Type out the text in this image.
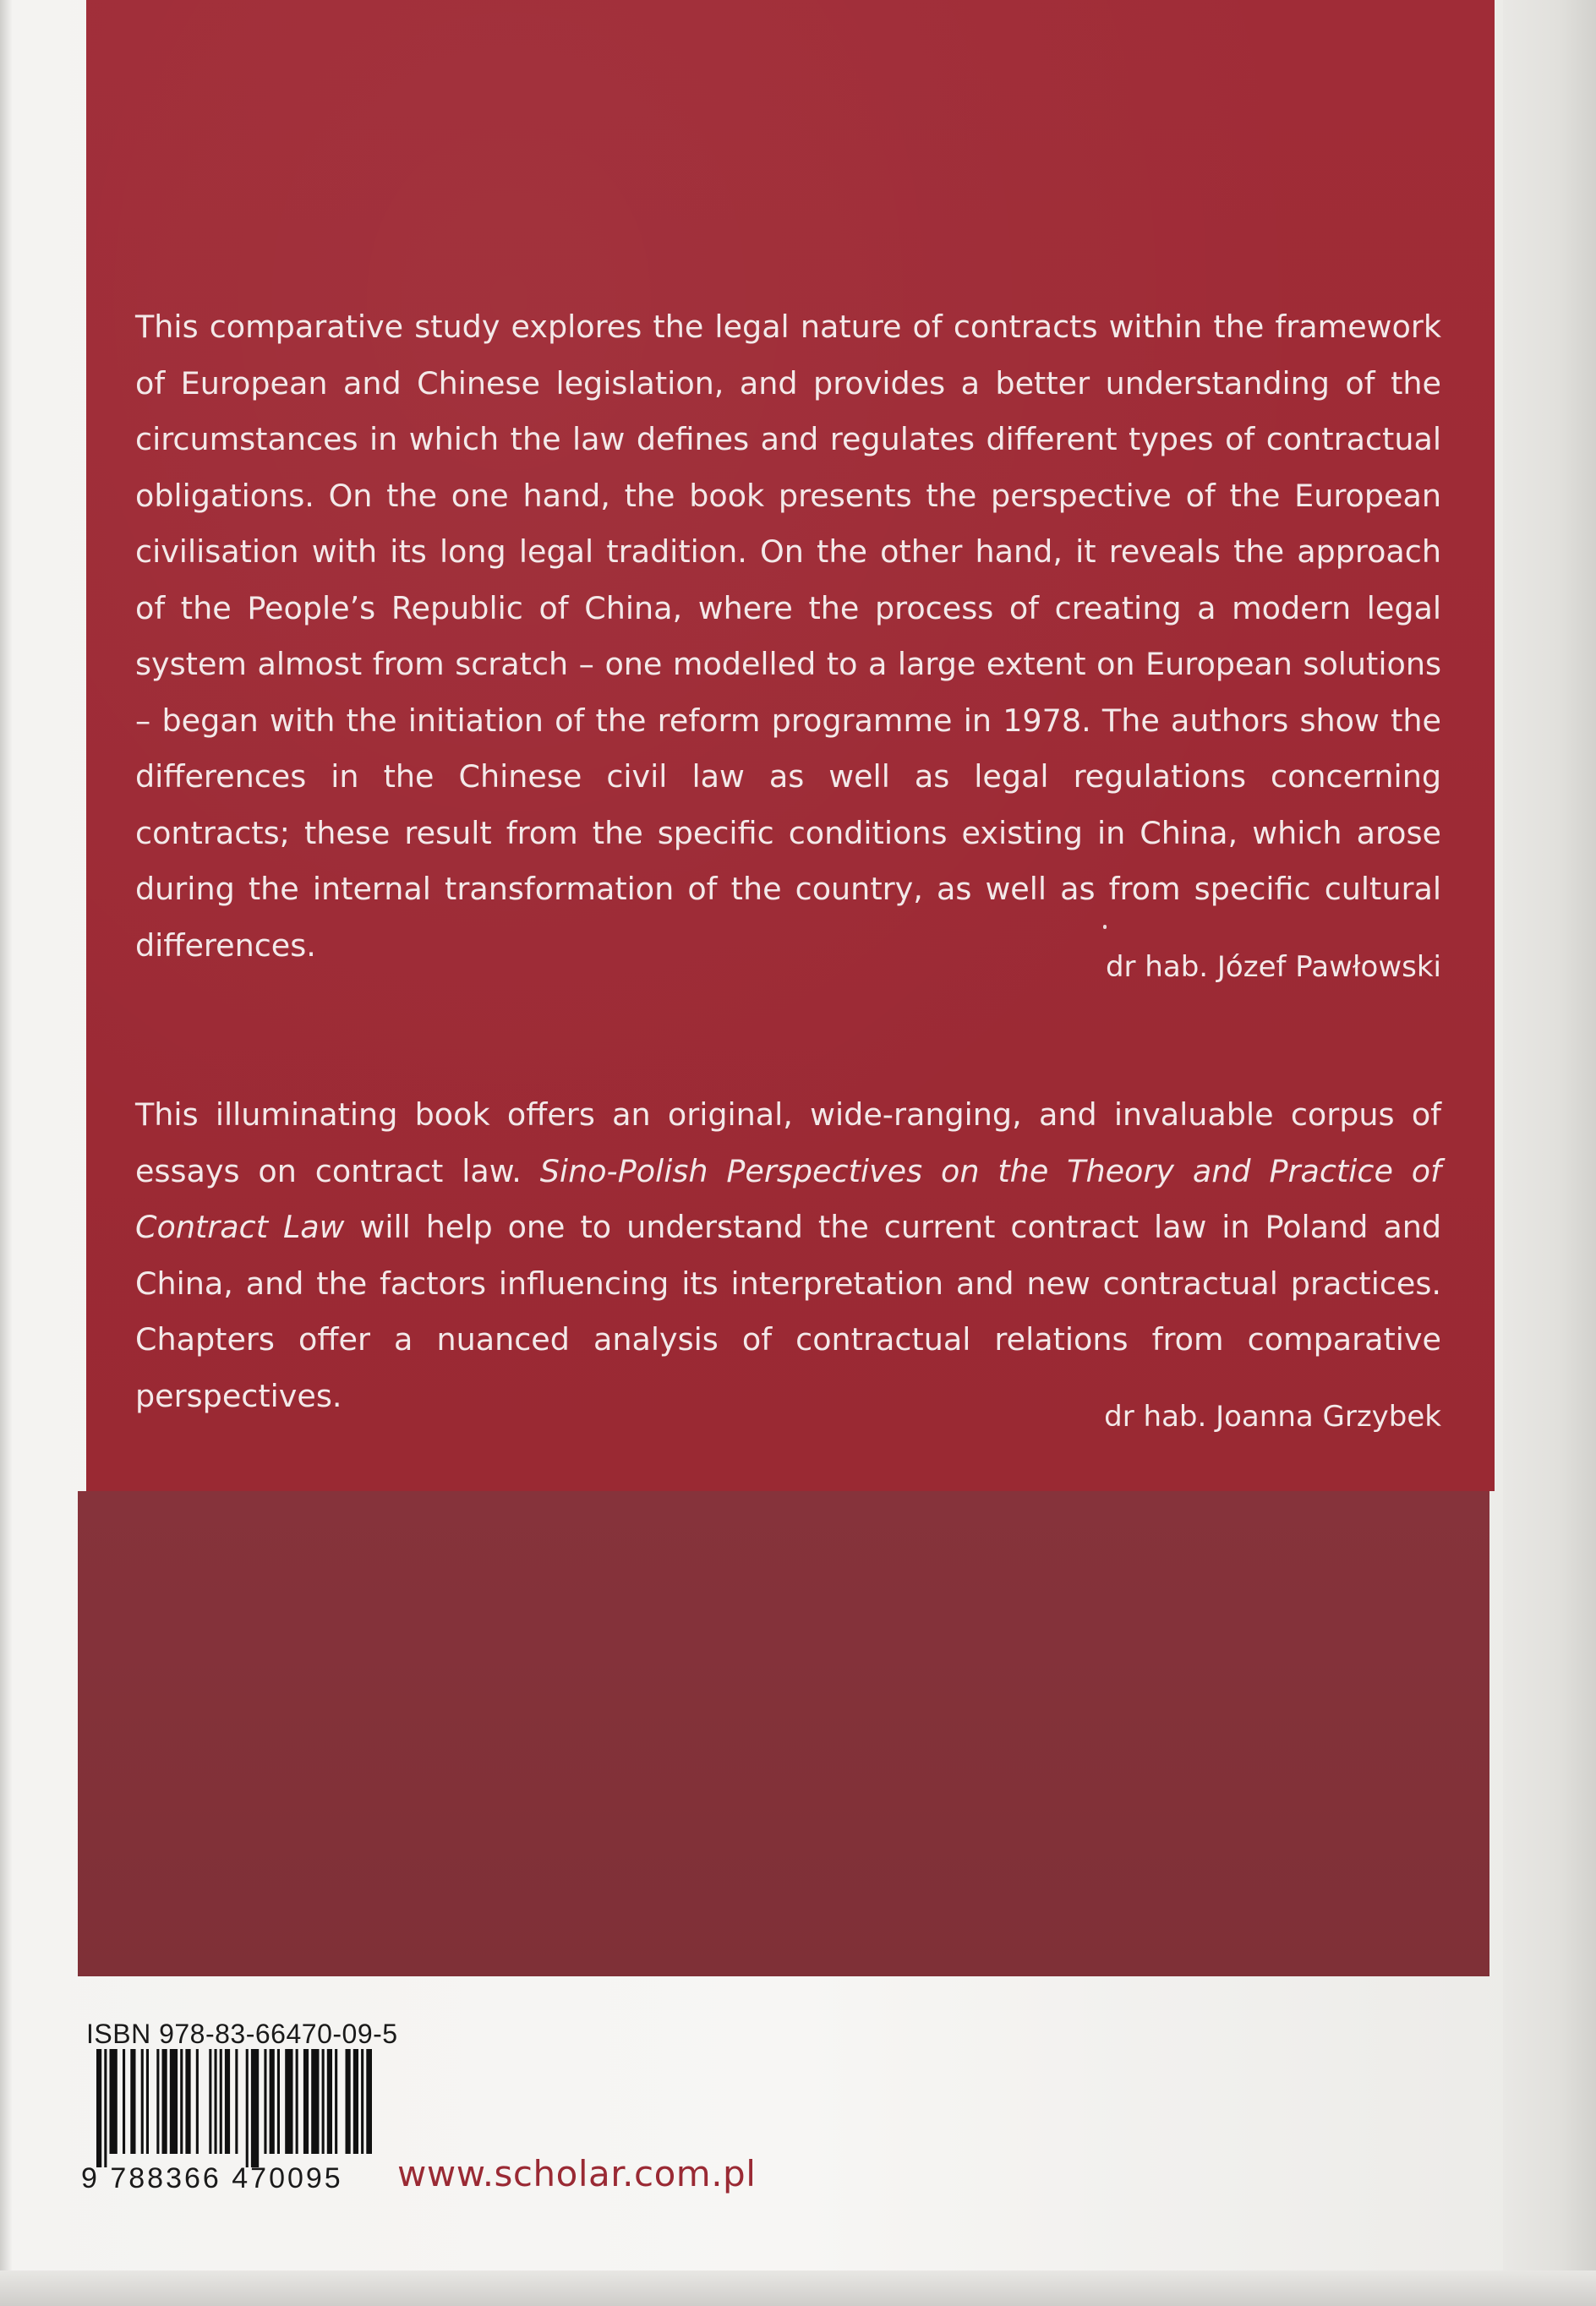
This comparative study explores the legal nature of contracts within the framework of European and Chinese legislation, and provides a better understanding of the circumstances in which the law defines and regulates different types of contractual obligations. On the one hand, the book presents the perspective of the European civilisation with its long legal tradition. On the other hand, it reveals the approach of the People’s Republic of China, where the process of creating a modern legal system almost from scratch – one modelled to a large extent on European solutions – began with the initiation of the reform programme in 1978. The authors show the differences in the Chinese civil law as well as legal regulations concerning contracts; these result from the specific conditions existing in China, which arose during the internal transformation of the country, as well as from specific cultural differences.

dr hab. Józef Pawłowski

This illuminating book offers an original, wide-ranging, and invaluable corpus of essays on contract law. Sino-Polish Perspectives on the Theory and Practice of Contract Law will help one to understand the current contract law in Poland and China, and the factors influencing its interpretation and new contractual practices. Chapters offer a nuanced analysis of contractual relations from comparative perspectives.

dr hab. Joanna Grzybek
ISBN 978-83-66470-09-5
9 788366 470095 www.scholar.com.pl
